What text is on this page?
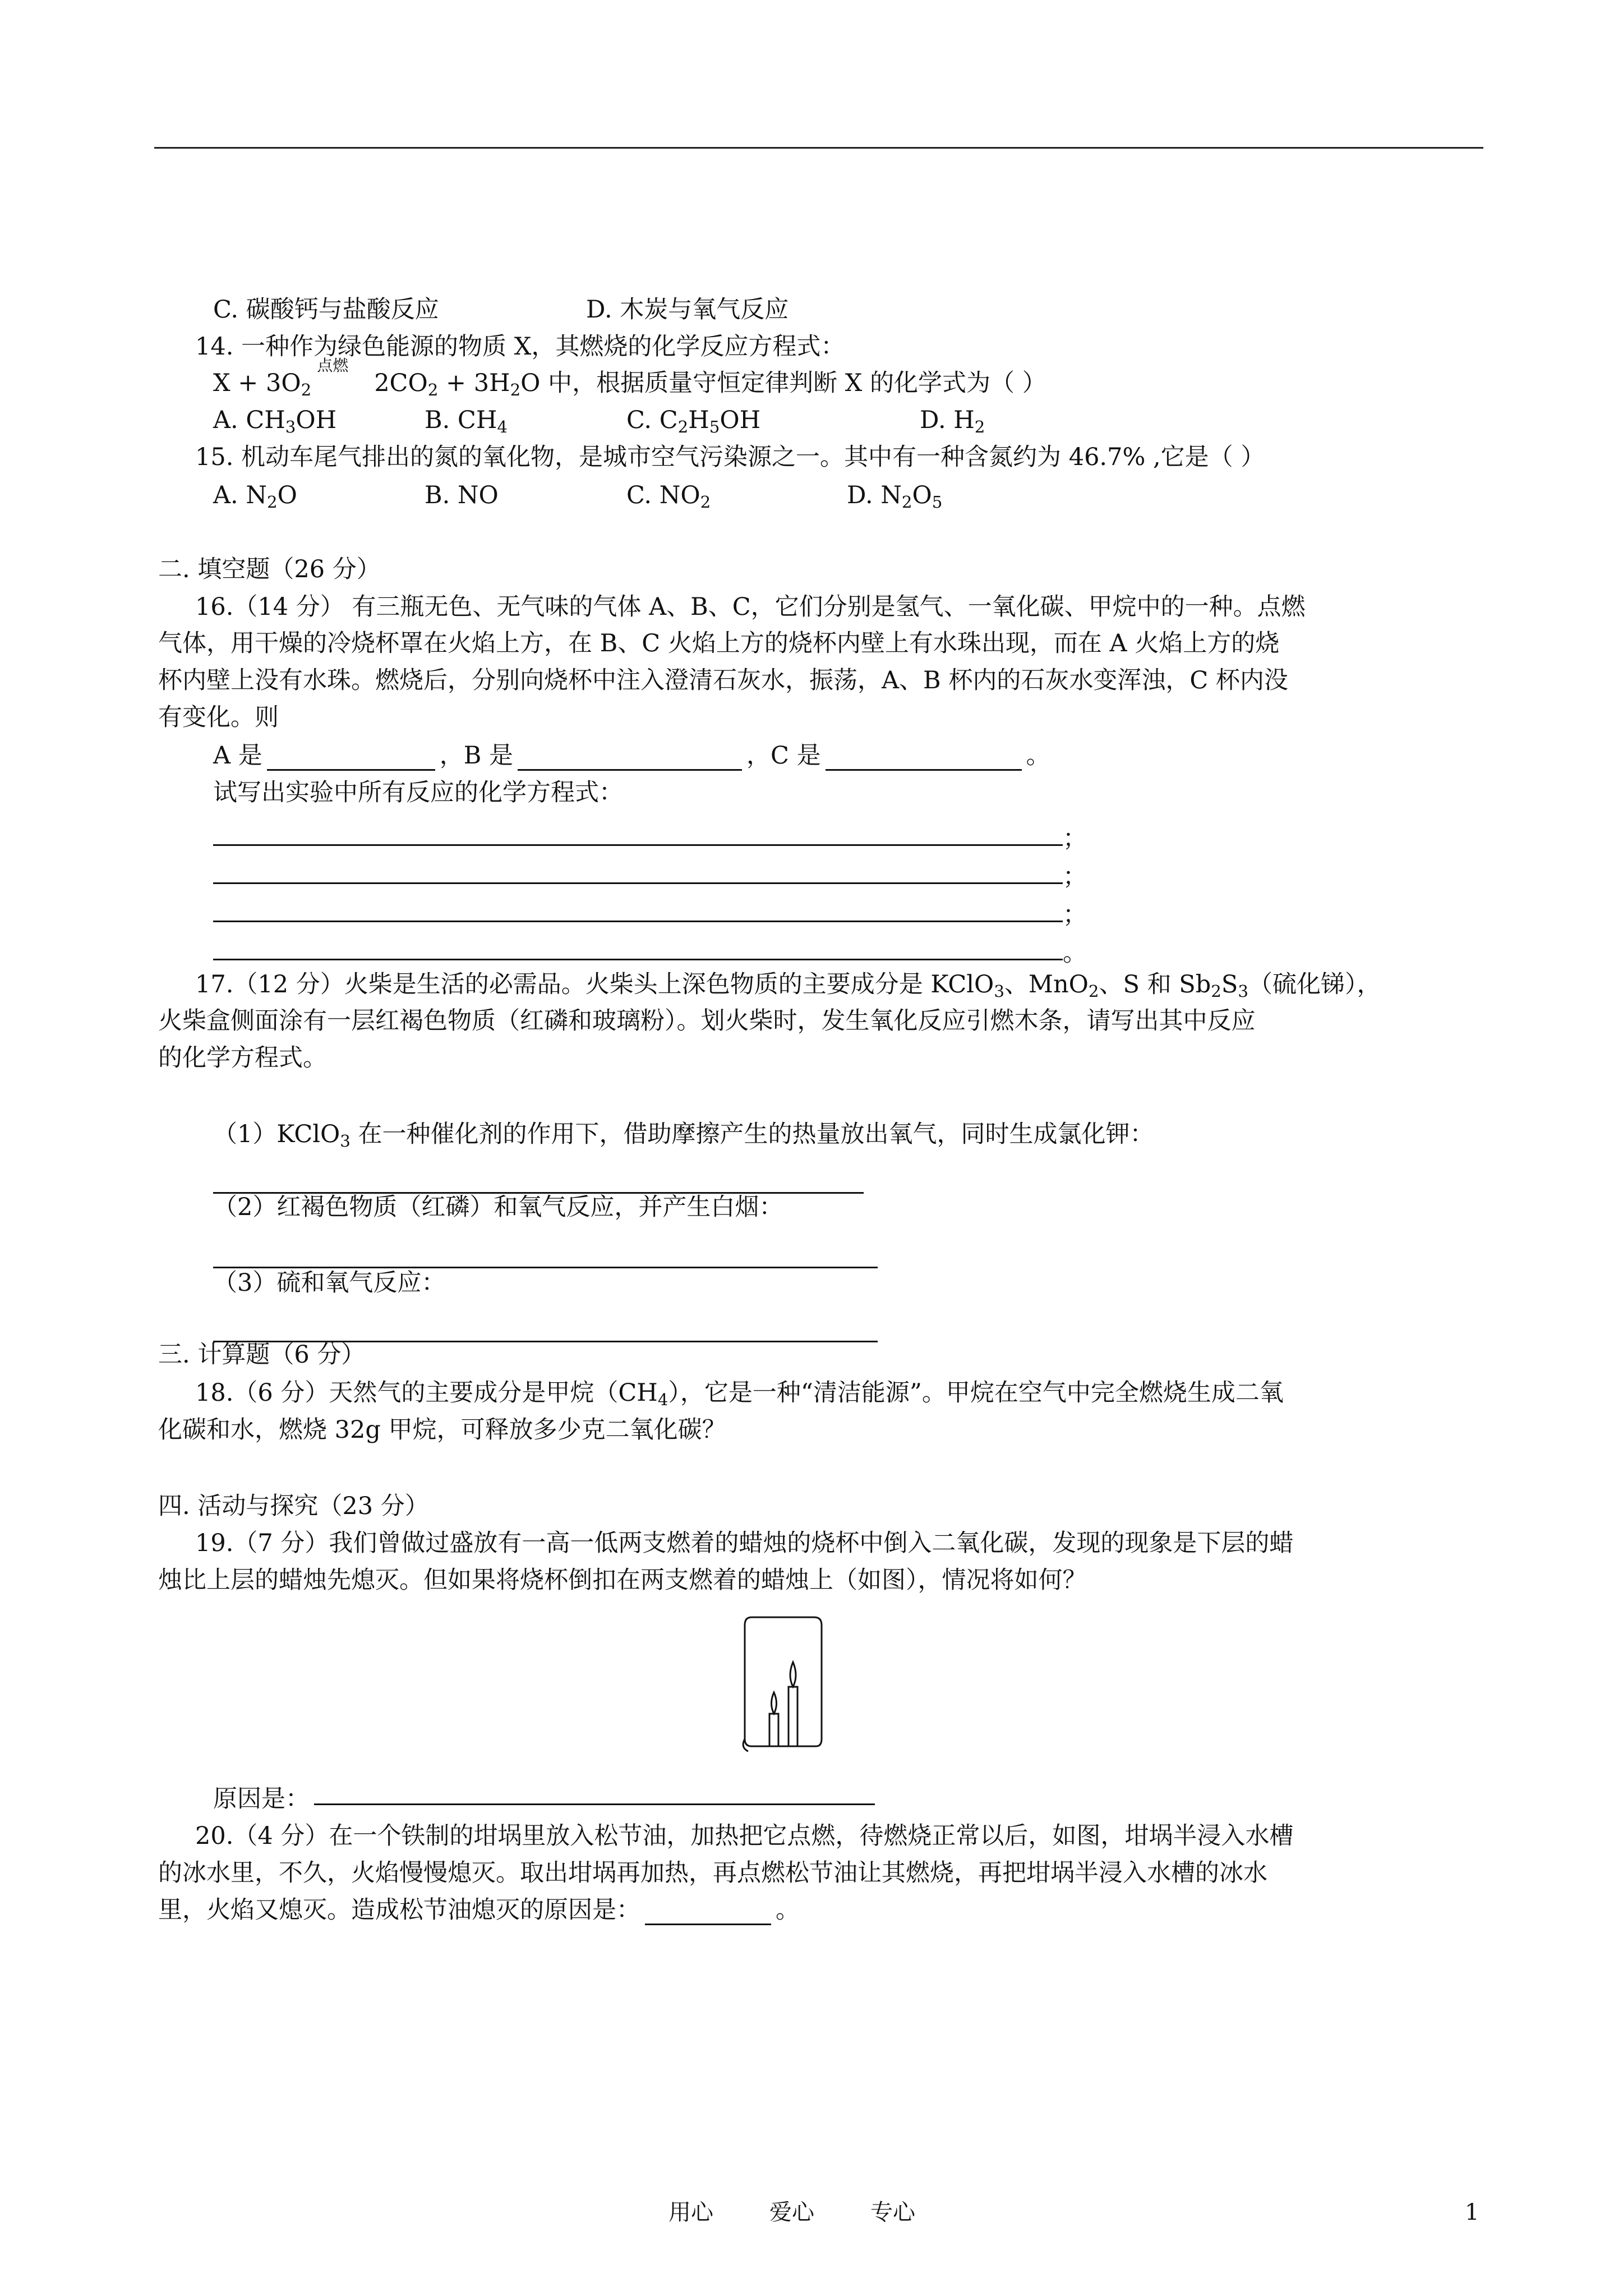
C. 碳酸钙与盐酸反应	D. 木炭与氧气反应
14. 一种作为绿色能源的物质 X，其燃烧的化学反应方程式：
$X + 3O_2$
点燃
$2CO_2 + 3H_2O$ 中，根据质量守恒定律判断 X 的化学式为（ ）
A. $CH_3OH$	B. $CH_4$	C. $C_2H_5OH$	D. $H_2$
15. 机动车尾气排出的氮的氧化物，是城市空气污染源之一。其中有一种含氮约为 46.7% ,它是（ ）
A. $N_2O$	B. NO	C. $NO_2$	D. $N_2O_5$
二. 填空题（26 分）
16.（14 分） 有三瓶无色、无气味的气体 A、B、C，它们分别是氢气、一氧化碳、甲烷中的一种。点燃
气体，用干燥的冷烧杯罩在火焰上方，在 B、C 火焰上方的烧杯内壁上有水珠出现，而在 A 火焰上方的烧
杯内壁上没有水珠。燃烧后，分别向烧杯中注入澄清石灰水，振荡，A、B 杯内的石灰水变浑浊，C 杯内没
有变化。则
A 是	，B 是	，C 是	。
试写出实验中所有反应的化学方程式：
；
；
；
。
17.（12 分）火柴是生活的必需品。火柴头上深色物质的主要成分是 KClO$_3$、MnO$_2$、S 和 $Sb_2S_3$（硫化锑），
火柴盒侧面涂有一层红褐色物质（红磷和玻璃粉）。划火柴时，发生氧化反应引燃木条，请写出其中反应
的化学方程式。
（1）KClO$_3$ 在一种催化剂的作用下，借助摩擦产生的热量放出氧气，同时生成氯化钾：
（2）红褐色物质（红磷）和氧气反应，并产生白烟：
（3）硫和氧气反应：
三. 计算题（6 分）
18.（6 分）天然气的主要成分是甲烷$(CH_4)$，它是一种“清洁能源”。甲烷在空气中完全燃烧生成二氧
化碳和水，燃烧 32g 甲烷，可释放多少克二氧化碳？
四. 活动与探究（23 分）
19.（7 分）我们曾做过盛放有一高一低两支燃着的蜡烛的烧杯中倒入二氧化碳，发现的现象是下层的蜡
烛比上层的蜡烛先熄灭。但如果将烧杯倒扣在两支燃着的蜡烛上（如图），情况将如何？
原因是：
20.（4 分）在一个铁制的坩埚里放入松节油，加热把它点燃，待燃烧正常以后，如图，坩埚半浸入水槽
的冰水里，不久，火焰慢慢熄灭。取出坩埚再加热，再点燃松节油让其燃烧，再把坩埚半浸入水槽的冰水
里，火焰又熄灭。造成松节油熄灭的原因是：	。
用心	爱心	专心	1
